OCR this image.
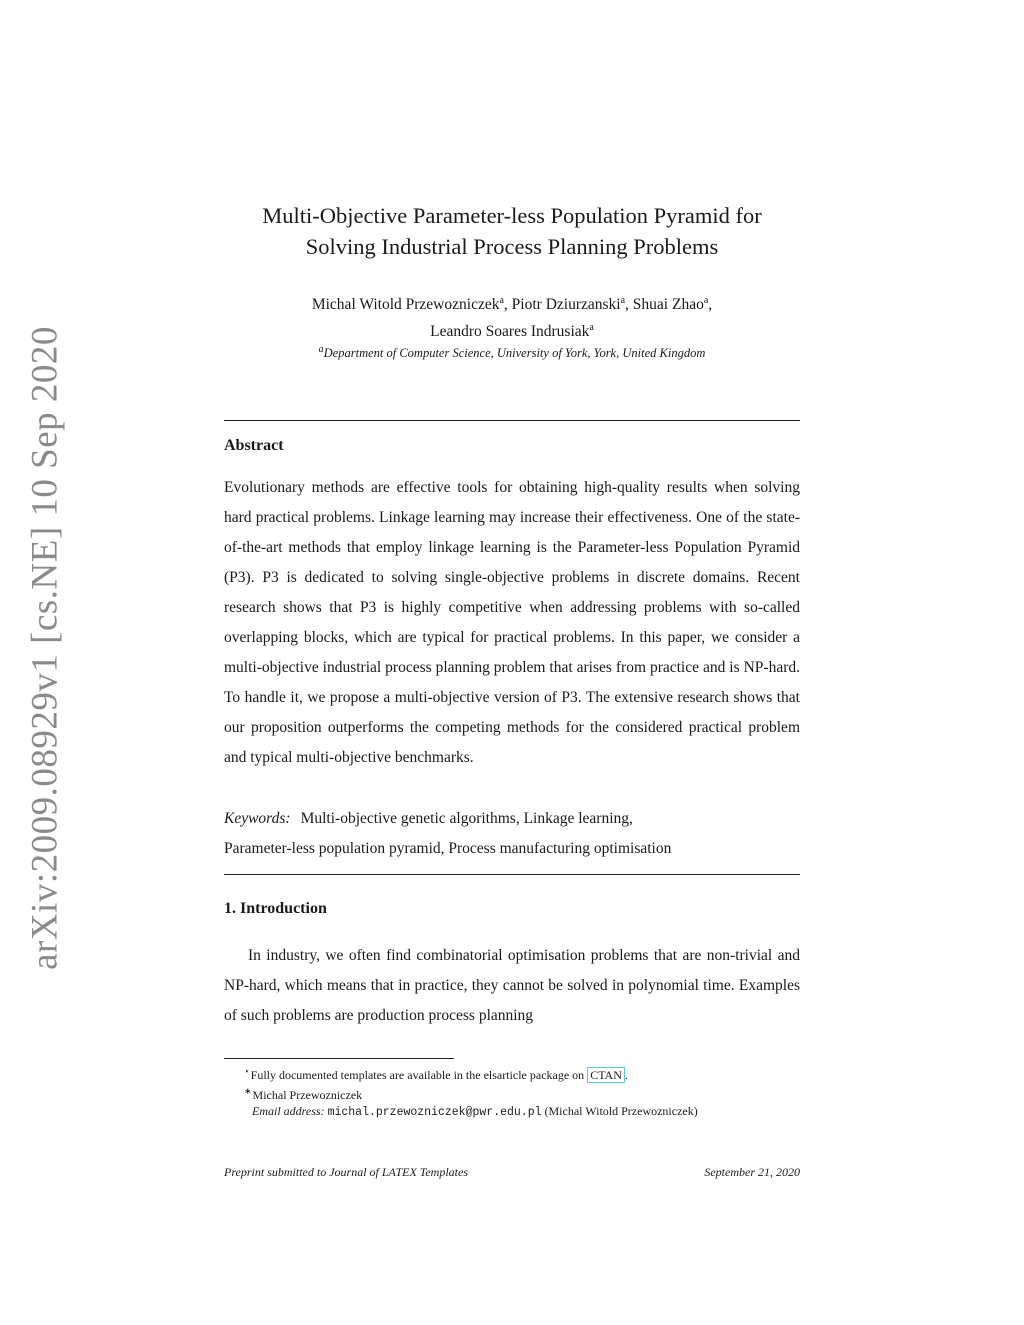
arXiv:2009.08929v1 [cs.NE] 10 Sep 2020
Multi-Objective Parameter-less Population Pyramid for
Solving Industrial Process Planning Problems
Michal Witold Przewozniczek$^a$, Piotr Dziurzanski$^a$, Shuai Zhao$^a$,
Leandro Soares Indrusiak$^a$
$^a$Department of Computer Science, University of York, York, United Kingdom
Abstract
Evolutionary methods are effective tools for obtaining high-quality results when solving hard practical problems. Linkage learning may increase their effectiveness. One of the state-of-the-art methods that employ linkage learning is the Parameter-less Population Pyramid (P3). P3 is dedicated to solving single-objective problems in discrete domains. Recent research shows that P3 is highly competitive when addressing problems with so-called overlapping blocks, which are typical for practical problems. In this paper, we consider a multi-objective industrial process planning problem that arises from practice and is NP-hard. To handle it, we propose a multi-objective version of P3. The extensive research shows that our proposition outperforms the competing methods for the considered practical problem and typical multi-objective benchmarks.
Keywords: Multi-objective genetic algorithms, Linkage learning,
Parameter-less population pyramid, Process manufacturing optimisation
1. Introduction
In industry, we often find combinatorial optimisation problems that are non-trivial and NP-hard, which means that in practice, they cannot be solved in polynomial time. Examples of such problems are production process planning
⋆Fully documented templates are available in the elsarticle package on CTAN .
∗Michal Przewozniczek
Email address: michal.przewozniczek@pwr.edu.pl (Michal Witold Przewozniczek)
Preprint submitted to Journal of LATEX Templates	September 21, 2020
